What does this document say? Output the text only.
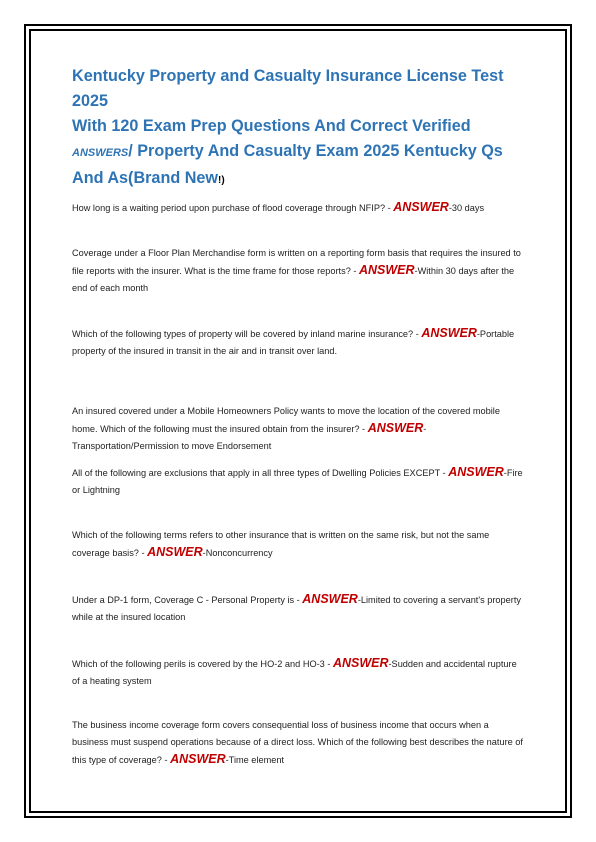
Kentucky Property and Casualty Insurance License Test 2025
With 120 Exam Prep Questions And Correct Verified
ANSWERS/ Property And Casualty Exam 2025 Kentucky Qs
And As(Brand New!)

How long is a waiting period upon purchase of flood coverage through NFIP? - ANSWER-30 days

Coverage under a Floor Plan Merchandise form is written on a reporting form basis that requires the insured to file reports with the insurer. What is the time frame for those reports? - ANSWER-Within 30 days after the end of each month

Which of the following types of property will be covered by inland marine insurance? - ANSWER-Portable property of the insured in transit in the air and in transit over land.

An insured covered under a Mobile Homeowners Policy wants to move the location of the covered mobile home. Which of the following must the insured obtain from the insurer? - ANSWER-Transportation/Permission to move Endorsement

All of the following are exclusions that apply in all three types of Dwelling Policies EXCEPT - ANSWER-Fire or Lightning

Which of the following terms refers to other insurance that is written on the same risk, but not the same coverage basis? - ANSWER-Nonconcurrency

Under a DP-1 form, Coverage C - Personal Property is - ANSWER-Limited to covering a servant's property while at the insured location

Which of the following perils is covered by the HO-2 and HO-3 - ANSWER-Sudden and accidental rupture of a heating system

The business income coverage form covers consequential loss of business income that occurs when a business must suspend operations because of a direct loss. Which of the following best describes the nature of this type of coverage? - ANSWER-Time element
